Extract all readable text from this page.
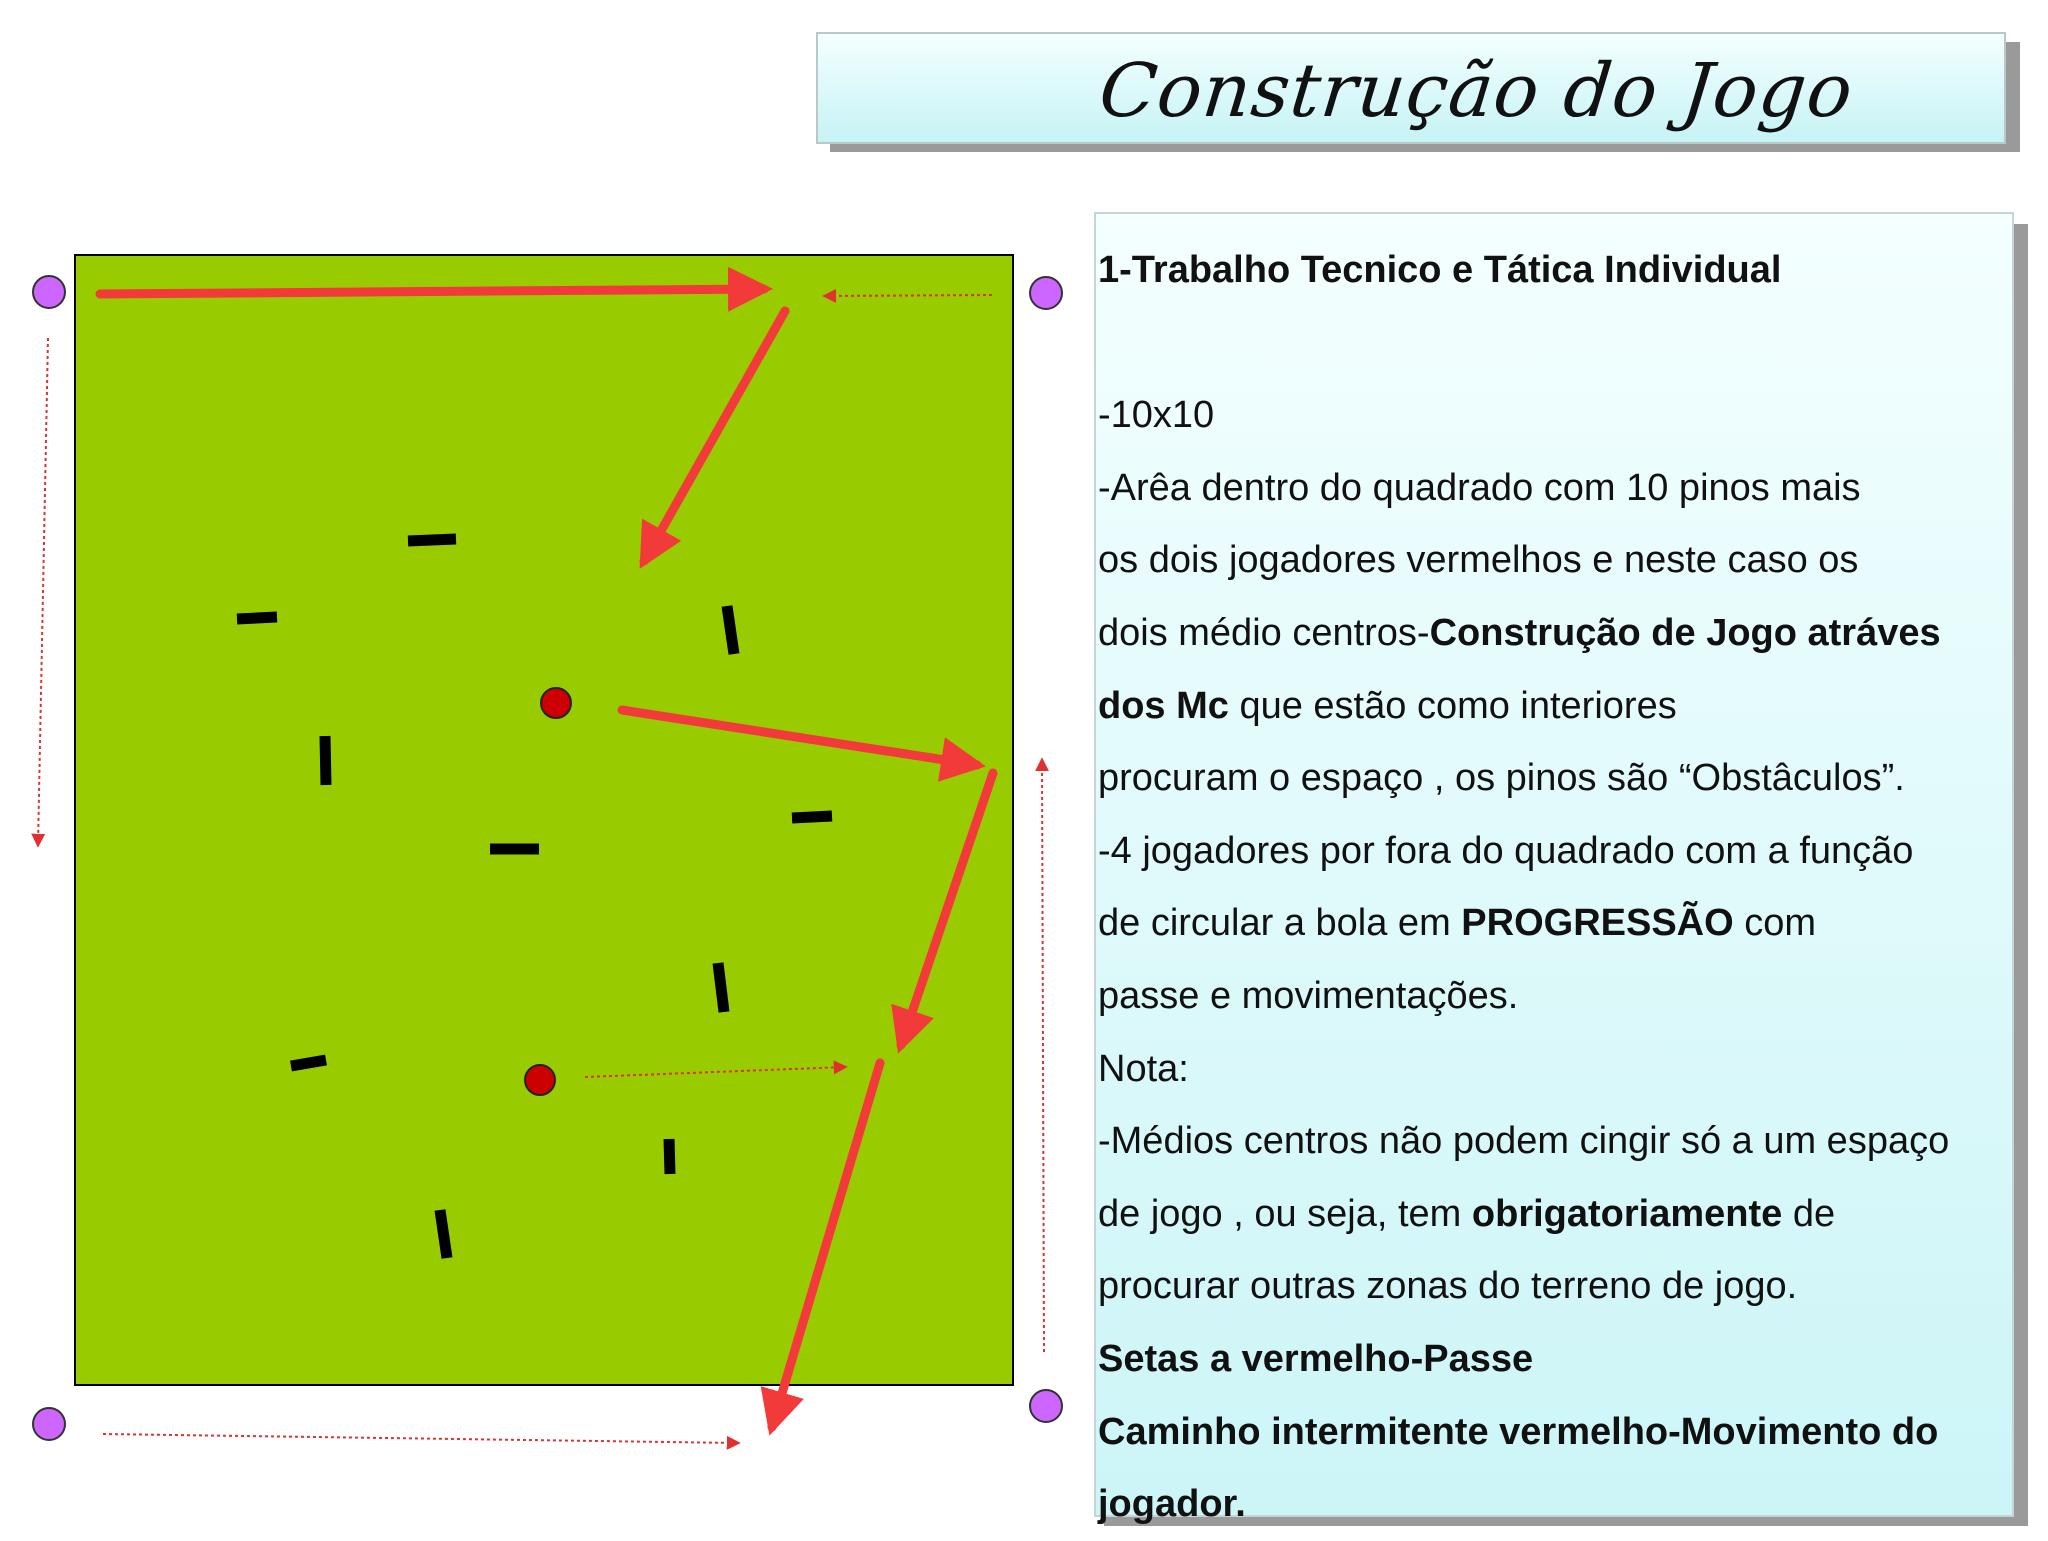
Construção do Jogo
1-Trabalho Tecnico e Tática Individual
-10x10
-Arêa dentro do quadrado com 10 pinos mais
os dois jogadores vermelhos e neste caso os
dois médio centros-Construção de Jogo atráves
dos Mc que estão como interiores
procuram o espaço , os pinos são “Obstâculos”.
-4 jogadores por fora do quadrado com a função
de circular a bola em PROGRESSÃO com
passe e movimentações.
Nota:
-Médios centros não podem cingir só a um espaço
de jogo , ou seja, tem obrigatoriamente de
procurar outras zonas do terreno de jogo.
Setas a vermelho-Passe
Caminho intermitente vermelho-Movimento do
jogador.
